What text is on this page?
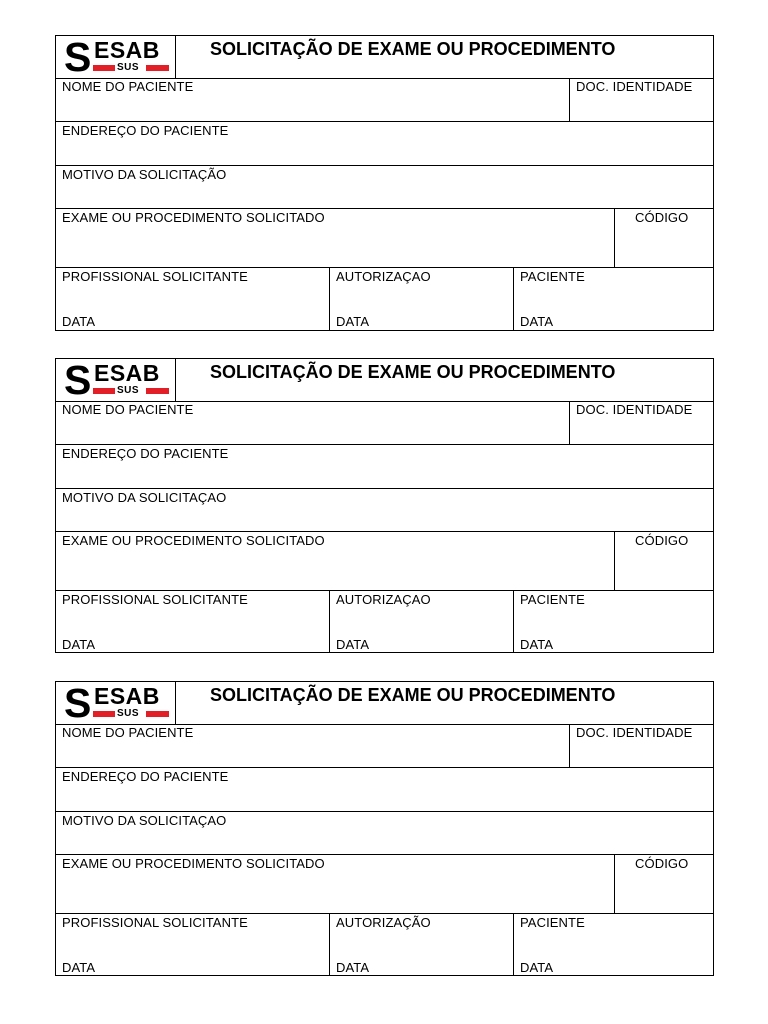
S ESAB
SUS
SOLICITAÇÃO DE EXAME OU PROCEDIMENTO
NOME DO PACIENTE	DOC. IDENTIDADE
ENDEREÇO DO PACIENTE
MOTIVO DA SOLICITAÇÃO
EXAME OU PROCEDIMENTO SOLICITADO	CÓDIGO
PROFISSIONAL SOLICITANTE
DATA
AUTORIZAÇAO
DATA
PACIENTE
DATA
S ESAB
SUS
SOLICITAÇÃO DE EXAME OU PROCEDIMENTO
NOME DO PACIENTE	DOC. IDENTIDADE
ENDEREÇO DO PACIENTE
MOTIVO DA SOLICITAÇAO
EXAME OU PROCEDIMENTO SOLICITADO	CÓDIGO
PROFISSIONAL SOLICITANTE
DATA
AUTORIZAÇAO
DATA
PACIENTE
DATA
S ESAB
SUS
SOLICITAÇÃO DE EXAME OU PROCEDIMENTO
NOME DO PACIENTE	DOC. IDENTIDADE
ENDEREÇO DO PACIENTE
MOTIVO DA SOLICITAÇAO
EXAME OU PROCEDIMENTO SOLICITADO	CÓDIGO
PROFISSIONAL SOLICITANTE
DATA
AUTORIZAÇÃO
DATA
PACIENTE
DATA
